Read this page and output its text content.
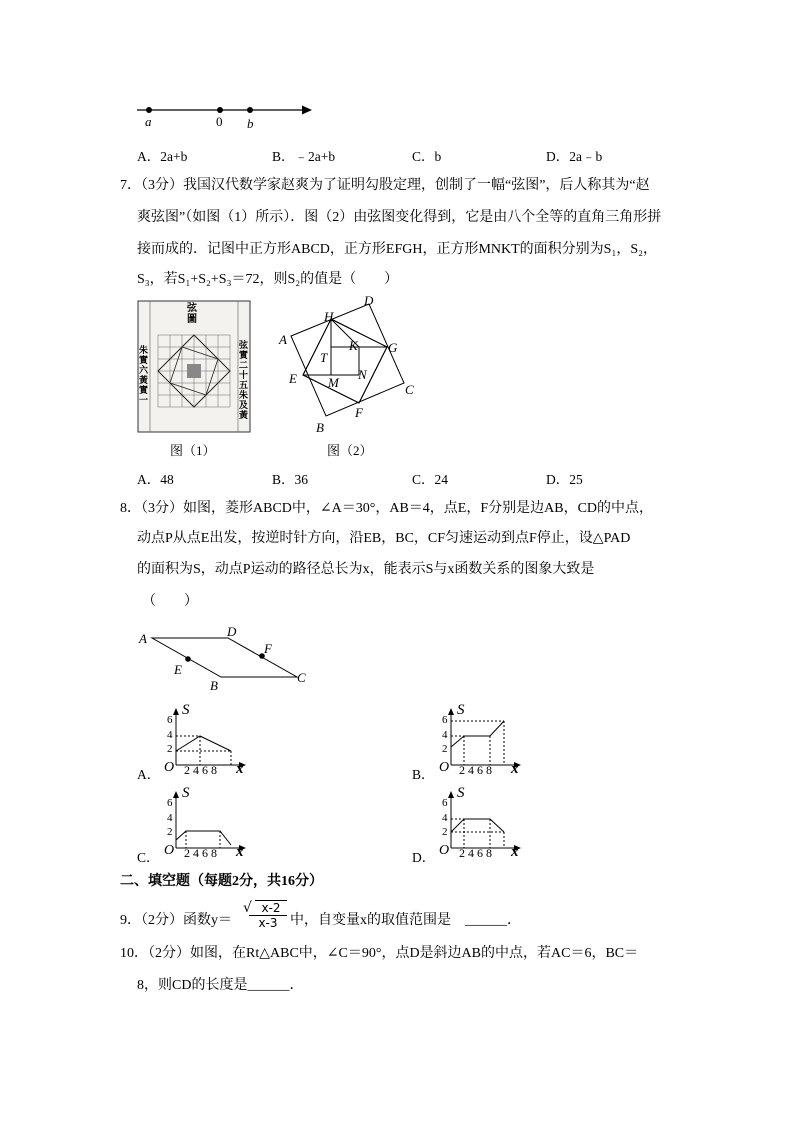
a	0 b
A．2a+b	B．﹣2a+b	C．b	D．2a﹣b
7．（3分）我国汉代数学家赵爽为了证明勾股定理，创制了一幅“弦图”，后人称其为“赵
爽弦图”（如图（1）所示）．图（2）由弦图变化得到，它是由八个全等的直角三角形拼
接而成的．记图中正方形ABCD，正方形EFGH，正方形MNKT的面积分别为S₁，S₂，
S₃，若S₁+S₂+S₃＝72，则S₂的值是（　　）
弦
圖
朱
實
六
黃
實
一
弦
實
二
十
五
朱
及
黃
图（1）
A
D
H
G
K
T
E M
N
C
F
B
图（2）
A．48	B．36	C．24	D．25
8．（3分）如图，菱形ABCD中，∠A＝30°，AB＝4，点E，F分别是边AB，CD的中点，
动点P从点E出发，按逆时针方向，沿EB，BC，CF匀速运动到点F停止，设△PAD
的面积为S，动点P运动的路径总长为x，能表示S与x函数关系的图象大致是
（　　）
A	D
F
E
B
C
A．	B．
C．	D．
S
6
4
2
O 2 4 6 8 x
S
6
4
2
O 2 4 6 8 x
S
6
4
2
O 2 4 6 8 x
S
6
4
2
O 2 4 6 8 x
二、填空题（每题2分，共16分）
9．（2分）函数y＝
√ x-2
x-3 中，自变量x的取值范围是 ______．
10．（2分）如图，在Rt△ABC中，∠C＝90°，点D是斜边AB的中点，若AC＝6，BC＝
8，则CD的长度是______．
